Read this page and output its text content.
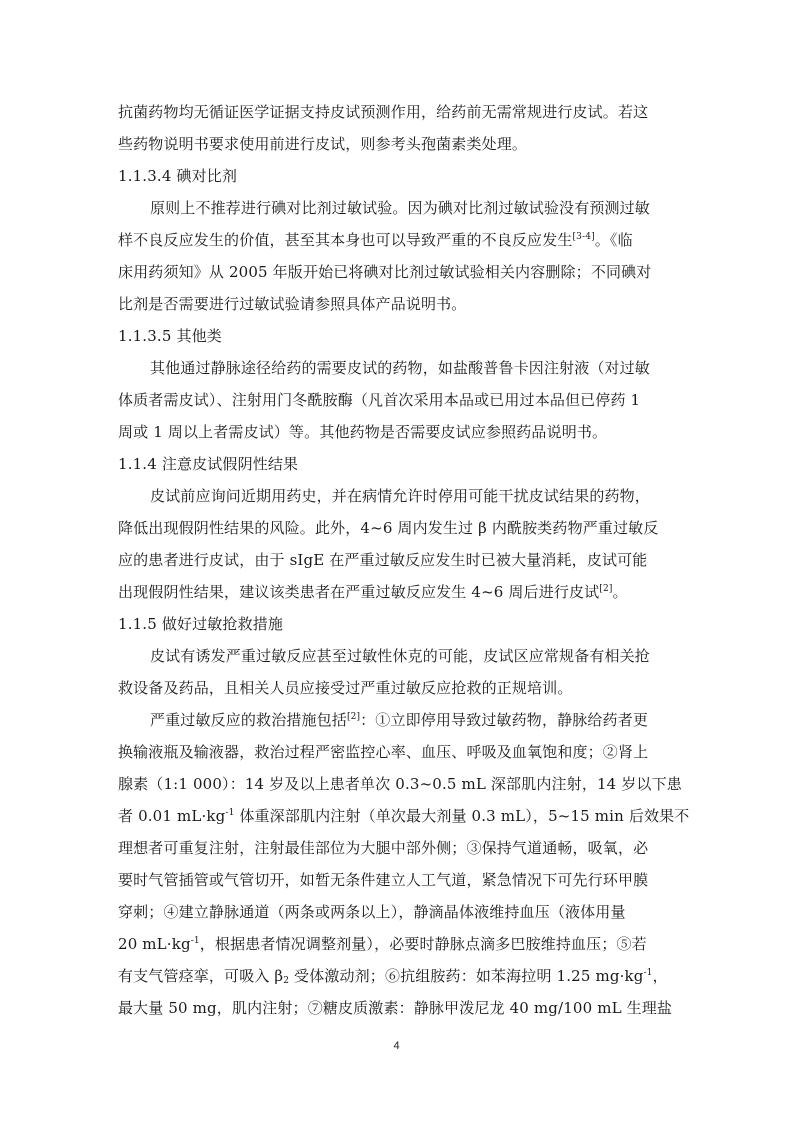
抗菌药物均无循证医学证据支持皮试预测作用，给药前无需常规进行皮试。若这
些药物说明书要求使用前进行皮试，则参考头孢菌素类处理。
1.1.3.4 碘对比剂
原则上不推荐进行碘对比剂过敏试验。因为碘对比剂过敏试验没有预测过敏
样不良反应发生的价值，甚至其本身也可以导致严重的不良反应发生[3-4]。《临
床用药须知》从 2005 年版开始已将碘对比剂过敏试验相关内容删除；不同碘对
比剂是否需要进行过敏试验请参照具体产品说明书。
1.1.3.5 其他类
其他通过静脉途径给药的需要皮试的药物，如盐酸普鲁卡因注射液（对过敏
体质者需皮试）、注射用门冬酰胺酶（凡首次采用本品或已用过本品但已停药 1
周或 1 周以上者需皮试）等。其他药物是否需要皮试应参照药品说明书。
1.1.4 注意皮试假阴性结果
皮试前应询问近期用药史，并在病情允许时停用可能干扰皮试结果的药物，
降低出现假阴性结果的风险。此外，4~6 周内发生过 β 内酰胺类药物严重过敏反
应的患者进行皮试，由于 sIgE 在严重过敏反应发生时已被大量消耗，皮试可能
出现假阴性结果，建议该类患者在严重过敏反应发生 4~6 周后进行皮试[2]。
1.1.5 做好过敏抢救措施
皮试有诱发严重过敏反应甚至过敏性休克的可能，皮试区应常规备有相关抢
救设备及药品，且相关人员应接受过严重过敏反应抢救的正规培训。
严重过敏反应的救治措施包括[2]：①立即停用导致过敏药物，静脉给药者更
换输液瓶及输液器，救治过程严密监控心率、血压、呼吸及血氧饱和度；②肾上
腺素（1:1 000）：14 岁及以上患者单次 0.3~0.5 mL 深部肌内注射，14 岁以下患
者 0.01 $mL\cdot kg^{-1}$ 体重深部肌内注射（单次最大剂量 0.3 mL），5~15 min 后效果不
理想者可重复注射，注射最佳部位为大腿中部外侧；③保持气道通畅，吸氧，必
要时气管插管或气管切开，如暂无条件建立人工气道，紧急情况下可先行环甲膜
穿刺；④建立静脉通道（两条或两条以上），静滴晶体液维持血压（液体用量
20 $mL\cdot kg^{-1}$，根据患者情况调整剂量），必要时静脉点滴多巴胺维持血压；⑤若
有支气管痉挛，可吸入 $\beta_2$ 受体激动剂；⑥抗组胺药：如苯海拉明 1.25 $mg\cdot kg^{-1}$，
最大量 50 mg，肌内注射；⑦糖皮质激素：静脉甲泼尼龙 40 mg/100 mL 生理盐
4
